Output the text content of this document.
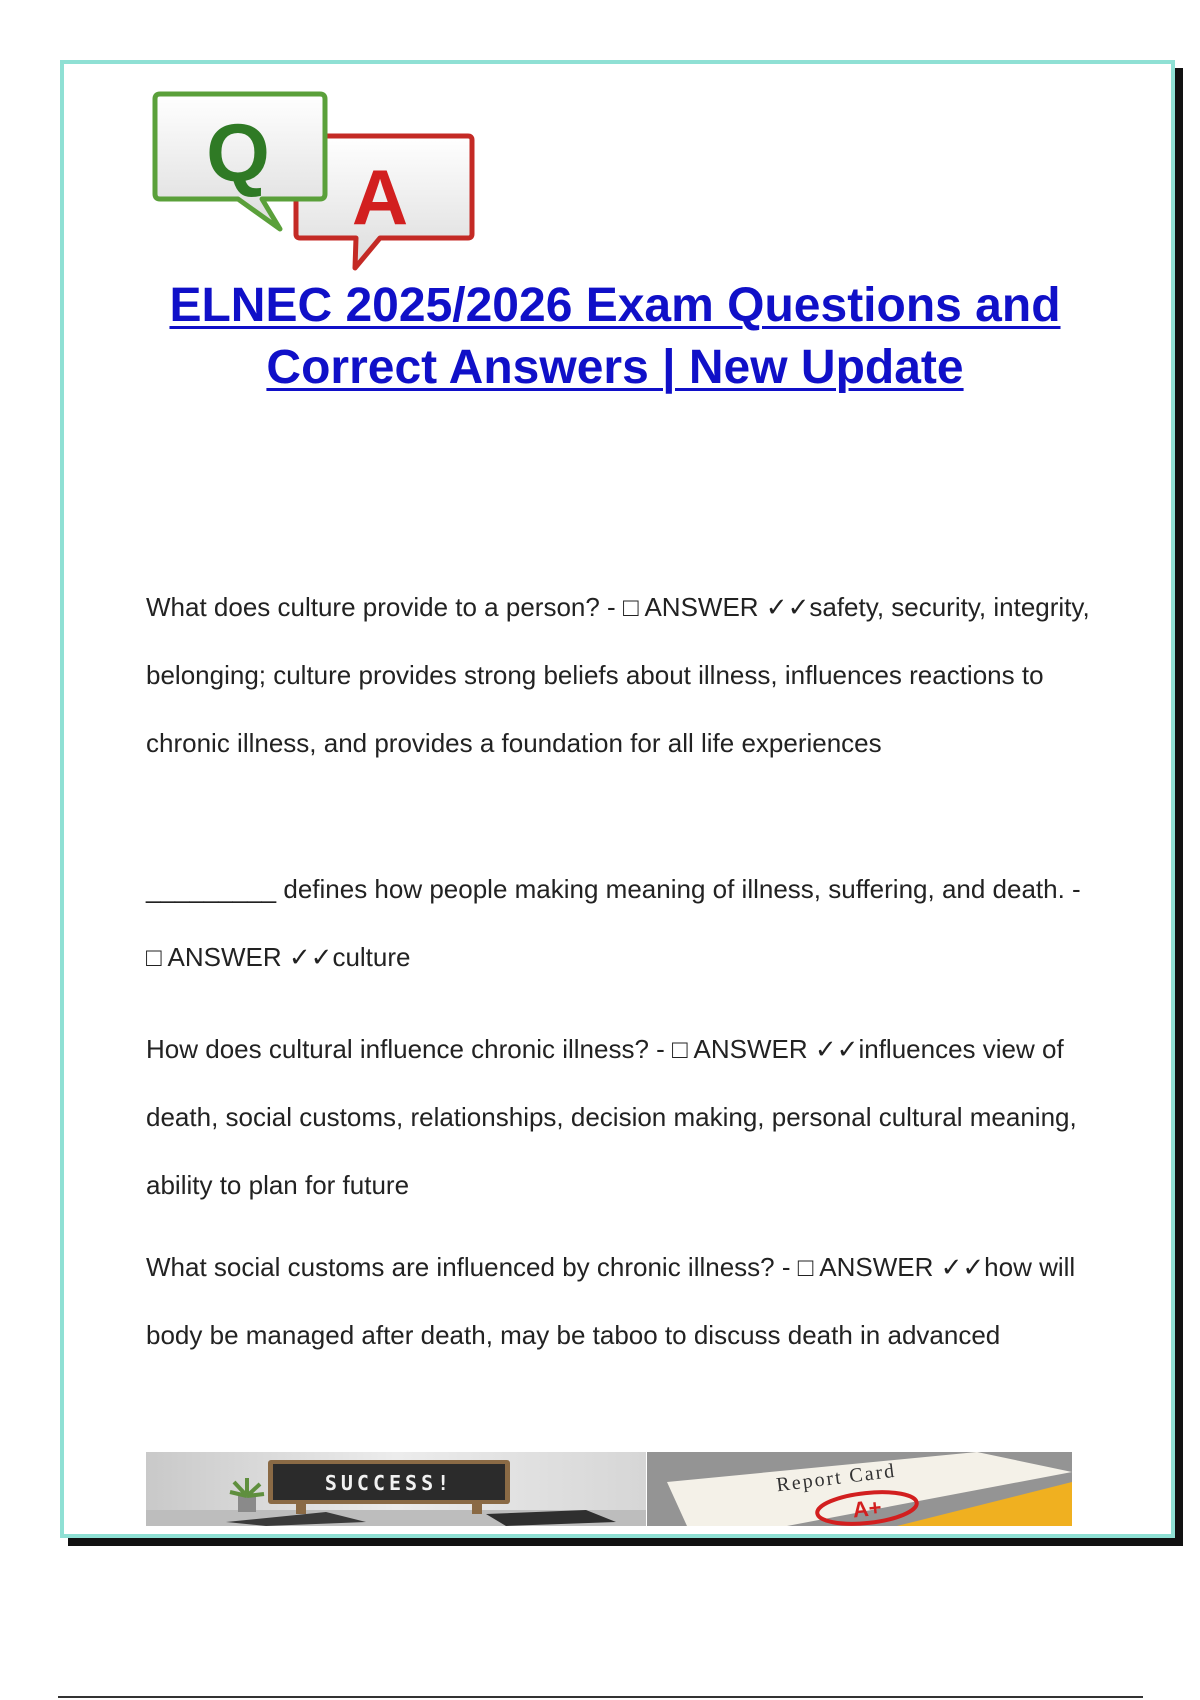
A
Q
ELNEC 2025/2026 Exam Questions and
Correct Answers | New Update

What does culture provide to a person? - □ ANSWER ✓✓safety, security, integrity, belonging; culture provides strong beliefs about illness, influences reactions to chronic illness, and provides a foundation for all life experiences

_________ defines how people making meaning of illness, suffering, and death. - □ ANSWER ✓✓culture

How does cultural influence chronic illness? - □ ANSWER ✓✓influences view of death, social customs, relationships, decision making, personal cultural meaning, ability to plan for future

What social customs are influenced by chronic illness? - □ ANSWER ✓✓how will body be managed after death, may be taboo to discuss death in advanced

SUCCESS!	Report Card
A+
